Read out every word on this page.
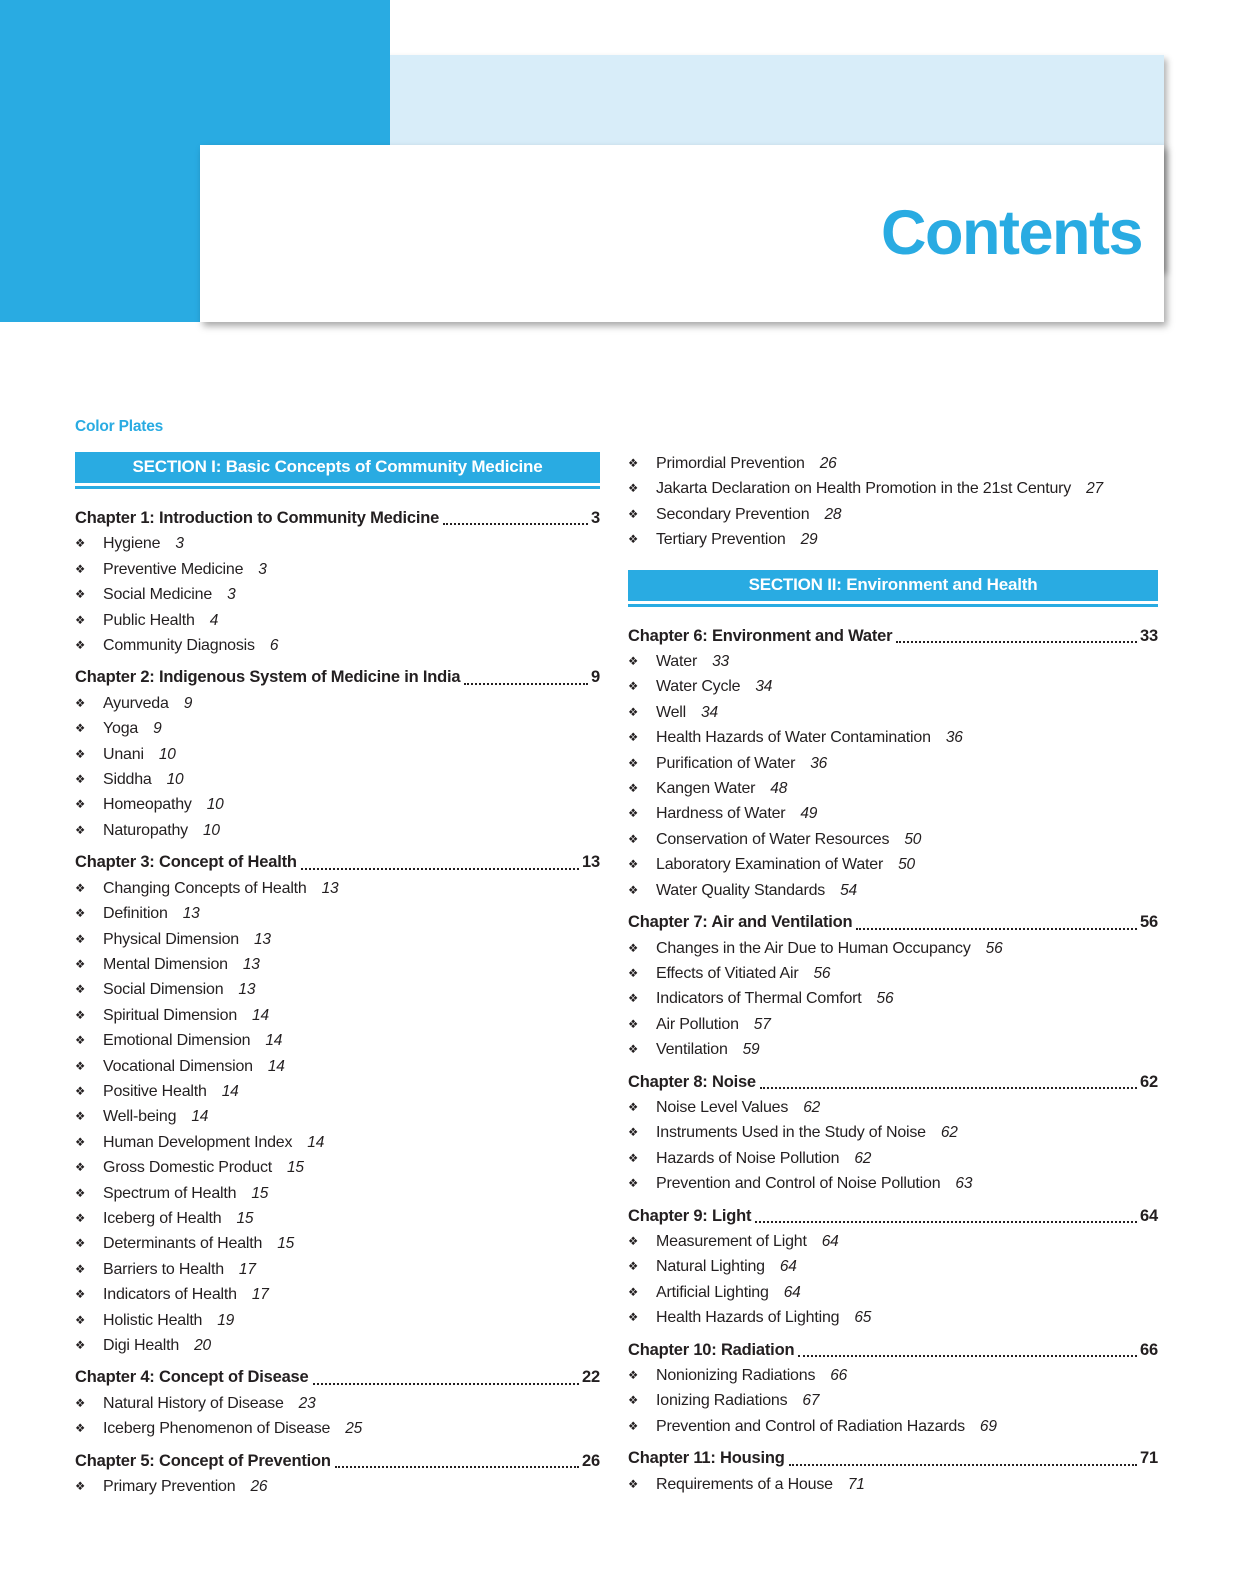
Contents
Color Plates
SECTION I: Basic Concepts of Community Medicine
Chapter 1: Introduction to Community Medicine	3
❖	Hygiene 3
❖	Preventive Medicine 3
❖	Social Medicine 3
❖	Public Health 4
❖	Community Diagnosis 6
Chapter 2: Indigenous System of Medicine in India	9
❖	Ayurveda 9
❖	Yoga 9
❖	Unani 10
❖	Siddha 10
❖	Homeopathy 10
❖	Naturopathy 10
Chapter 3: Concept of Health	13
❖	Changing Concepts of Health 13
❖	Definition 13
❖	Physical Dimension 13
❖	Mental Dimension 13
❖	Social Dimension 13
❖	Spiritual Dimension 14
❖	Emotional Dimension 14
❖	Vocational Dimension 14
❖	Positive Health 14
❖	Well-being 14
❖	Human Development Index 14
❖	Gross Domestic Product 15
❖	Spectrum of Health 15
❖	Iceberg of Health 15
❖	Determinants of Health 15
❖	Barriers to Health 17
❖	Indicators of Health 17
❖	Holistic Health 19
❖	Digi Health 20
Chapter 4: Concept of Disease	22
❖	Natural History of Disease 23
❖	Iceberg Phenomenon of Disease 25
Chapter 5: Concept of Prevention	26
❖	Primary Prevention 26
❖	Primordial Prevention 26
❖	Jakarta Declaration on Health Promotion in the 21st Century 27
❖	Secondary Prevention 28
❖	Tertiary Prevention 29
SECTION II: Environment and Health
Chapter 6: Environment and Water	33
❖	Water 33
❖	Water Cycle 34
❖	Well 34
❖	Health Hazards of Water Contamination 36
❖	Purification of Water 36
❖	Kangen Water 48
❖	Hardness of Water 49
❖	Conservation of Water Resources 50
❖	Laboratory Examination of Water 50
❖	Water Quality Standards 54
Chapter 7: Air and Ventilation	56
❖	Changes in the Air Due to Human Occupancy 56
❖	Effects of Vitiated Air 56
❖	Indicators of Thermal Comfort 56
❖	Air Pollution 57
❖	Ventilation 59
Chapter 8: Noise	62
❖	Noise Level Values 62
❖	Instruments Used in the Study of Noise 62
❖	Hazards of Noise Pollution 62
❖	Prevention and Control of Noise Pollution 63
Chapter 9: Light	64
❖	Measurement of Light 64
❖	Natural Lighting 64
❖	Artificial Lighting 64
❖	Health Hazards of Lighting 65
Chapter 10: Radiation	66
❖	Nonionizing Radiations 66
❖	Ionizing Radiations 67
❖	Prevention and Control of Radiation Hazards 69
Chapter 11: Housing	71
❖	Requirements of a House 71
